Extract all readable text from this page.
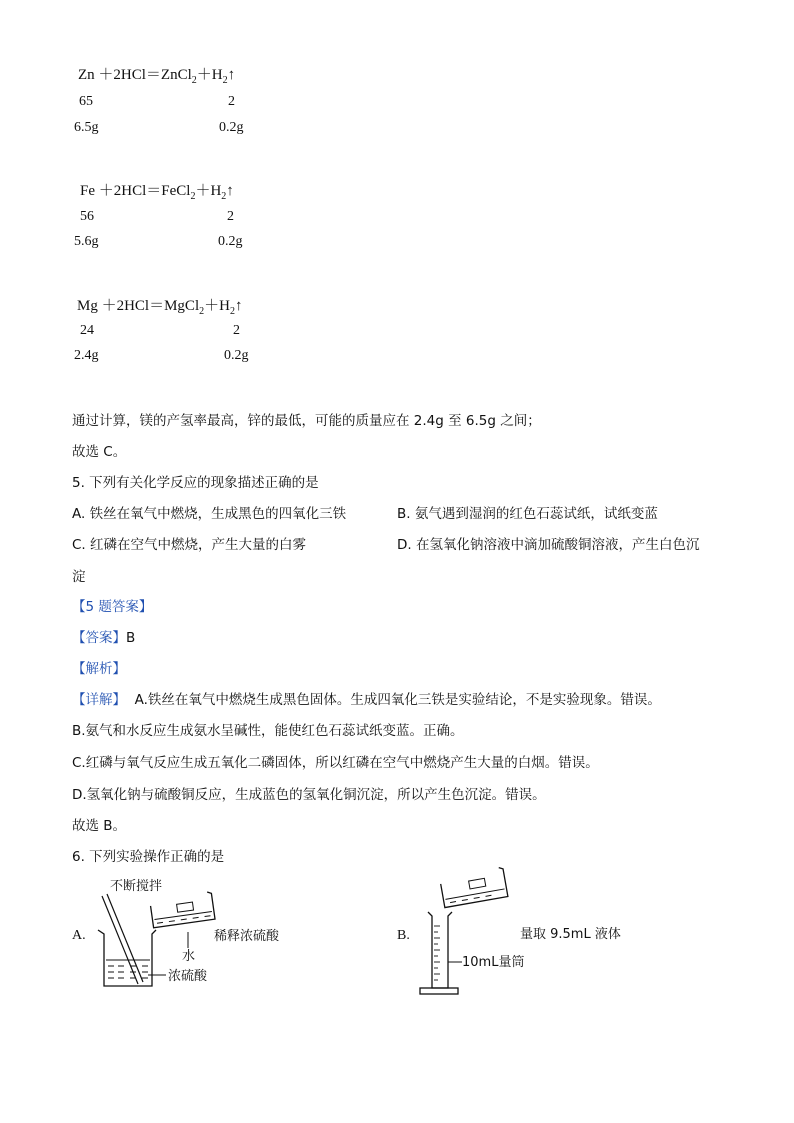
$Zn +2HCl=ZnCl_2+H_2↑$
65	2
6.5g	0.2g
$Fe +2HCl=FeCl_2+H_2↑$
56	2
5.6g	0.2g
$Mg +2HCl=MgCl_2+H_2↑$
24	2
2.4g	0.2g
通过计算，镁的产氢率最高，锌的最低，可能的质量应在 2.4g 至 6.5g 之间；
故选 C。
5. 下列有关化学反应的现象描述正确的是
A. 铁丝在氧气中燃烧，生成黑色的四氧化三铁	B. 氨气遇到湿润的红色石蕊试纸，试纸变蓝
C. 红磷在空气中燃烧，产生大量的白雾	D. 在氢氧化钠溶液中滴加硫酸铜溶液，产生白色沉
淀
【5 题答案】
【答案】B
【解析】
【详解】 A.铁丝在氧气中燃烧生成黑色固体。生成四氧化三铁是实验结论，不是实验现象。错误。
B.氨气和水反应生成氨水呈碱性，能使红色石蕊试纸变蓝。正确。
C.红磷与氧气反应生成五氧化二磷固体，所以红磷在空气中燃烧产生大量的白烟。错误。
D.氢氧化钠与硫酸铜反应，生成蓝色的氢氧化铜沉淀，所以产生色沉淀。错误。
故选 B。
6. 下列实验操作正确的是
A.
不断搅拌
稀释浓硫酸
水
浓硫酸
B.	量取 9.5mL 液体
10mL量筒
